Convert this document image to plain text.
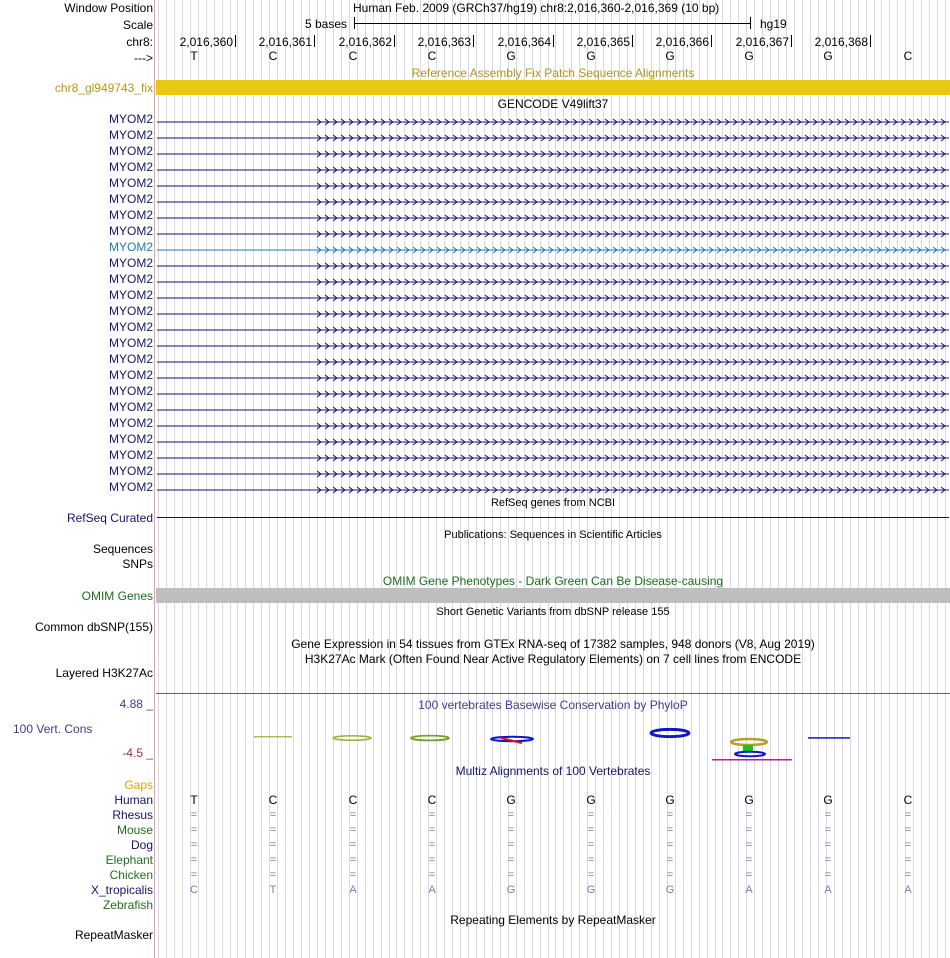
Window Position	Human Feb. 2009 (GRCh37/hg19) chr8:2,016,360-2,016,369 (10 bp)
Scale	5 bases	hg19
chr8:	2,016,360	2,016,361	2,016,362	2,016,363	2,016,364	2,016,365	2,016,366	2,016,367	2,016,368
--->	T	C	C	C	G	G	G	G	G	C
Reference Assembly Fix Patch Sequence Alignments
chr8_gl949743_fix
GENCODE V49lift37
MYOM2
MYOM2
MYOM2
MYOM2
MYOM2
MYOM2
MYOM2
MYOM2
MYOM2
MYOM2
MYOM2
MYOM2
MYOM2
MYOM2
MYOM2
MYOM2
MYOM2
MYOM2
MYOM2
MYOM2
MYOM2
MYOM2
MYOM2
MYOM2
RefSeq genes from NCBI
RefSeq Curated
Publications: Sequences in Scientific Articles
Sequences
SNPs
OMIM Gene Phenotypes - Dark Green Can Be Disease-causing
OMIM Genes
Short Genetic Variants from dbSNP release 155
Common dbSNP(155)
Gene Expression in 54 tissues from GTEx RNA-seq of 17382 samples, 948 donors (V8, Aug 2019)
H3K27Ac Mark (Often Found Near Active Regulatory Elements) on 7 cell lines from ENCODE
Layered H3K27Ac
100 vertebrates Basewise Conservation by PhyloP
4.88 _
100 Vert. Cons
-4.5 _
Multiz Alignments of 100 Vertebrates
Gaps
Human	T	C	C	C	G	G	G	G	G	C
Rhesus	=	=	=	=	=	=	=	=	=	=
Mouse	=	=	=	=	=	=	=	=	=	=
Dog	=	=	=	=	=	=	=	=	=	=
Elephant	=	=	=	=	=	=	=	=	=	=
Chicken	=	=	=	=	=	=	=	=	=	=
X_tropicalis	C	T	A	A	G	G	G	A	A	A
Zebrafish
Repeating Elements by RepeatMasker
RepeatMasker
